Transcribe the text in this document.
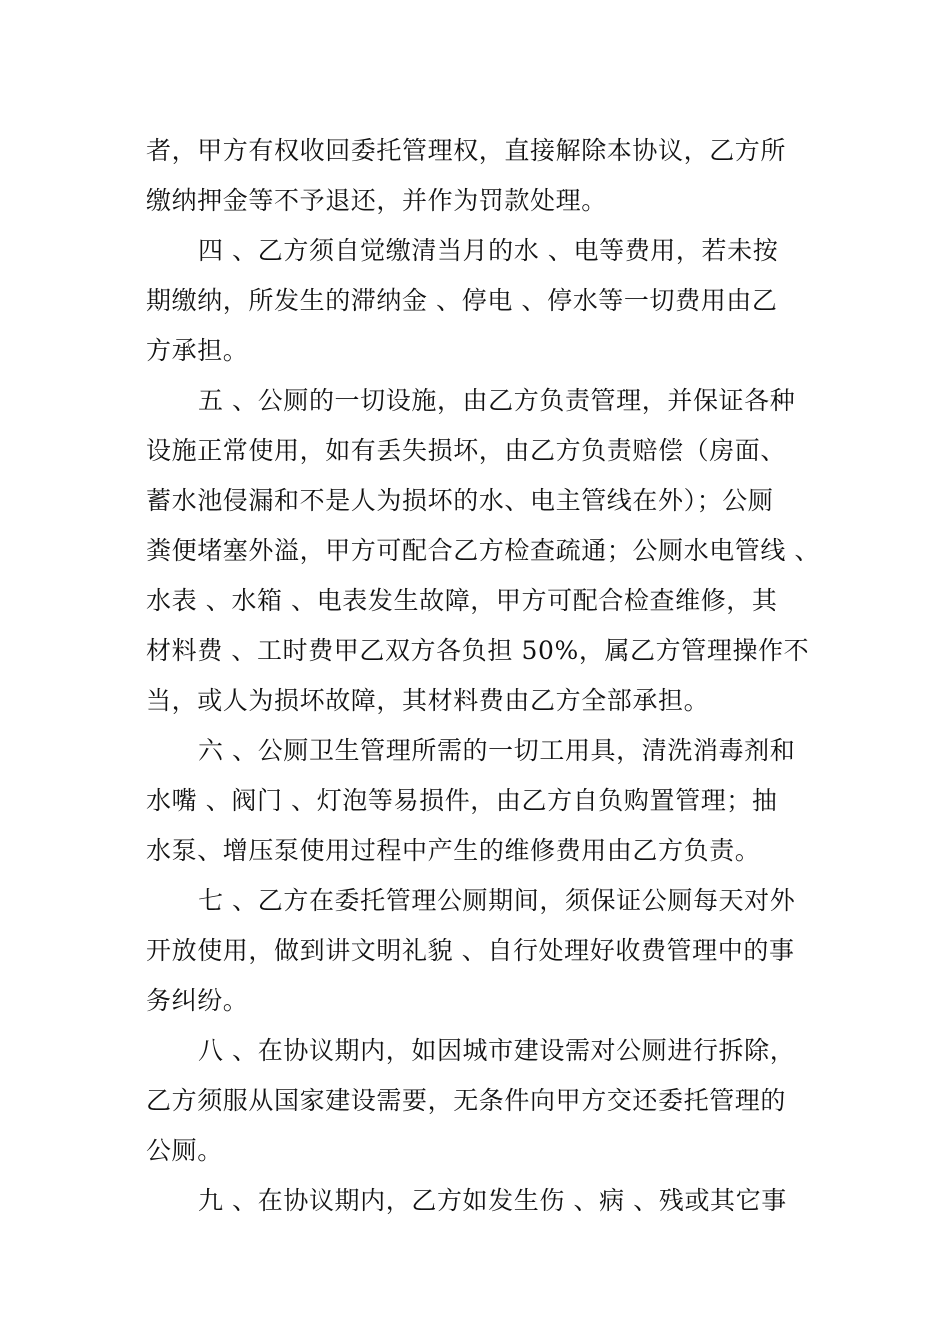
者，甲方有权收回委托管理权，直接解除本协议，乙方所
缴纳押金等不予退还，并作为罚款处理。
四 、乙方须自觉缴清当月的水 、电等费用，若未按
期缴纳，所发生的滞纳金 、停电 、停水等一切费用由乙
方承担。
五 、公厕的一切设施，由乙方负责管理，并保证各种
设施正常使用，如有丢失损坏，由乙方负责赔偿（房面、
蓄水池侵漏和不是人为损坏的水、电主管线在外）；公厕
粪便堵塞外溢，甲方可配合乙方检查疏通；公厕水电管线 、
水表 、水箱 、电表发生故障，甲方可配合检查维修，其
材料费 、工时费甲乙双方各负担 50%，属乙方管理操作不
当，或人为损坏故障，其材料费由乙方全部承担。
六 、公厕卫生管理所需的一切工用具，清洗消毒剂和
水嘴 、阀门 、灯泡等易损件，由乙方自负购置管理；抽
水泵、增压泵使用过程中产生的维修费用由乙方负责。
七 、乙方在委托管理公厕期间，须保证公厕每天对外
开放使用，做到讲文明礼貌 、自行处理好收费管理中的事
务纠纷。
八 、在协议期内，如因城市建设需对公厕进行拆除，
乙方须服从国家建设需要，无条件向甲方交还委托管理的
公厕。
九 、在协议期内，乙方如发生伤 、病 、残或其它事
